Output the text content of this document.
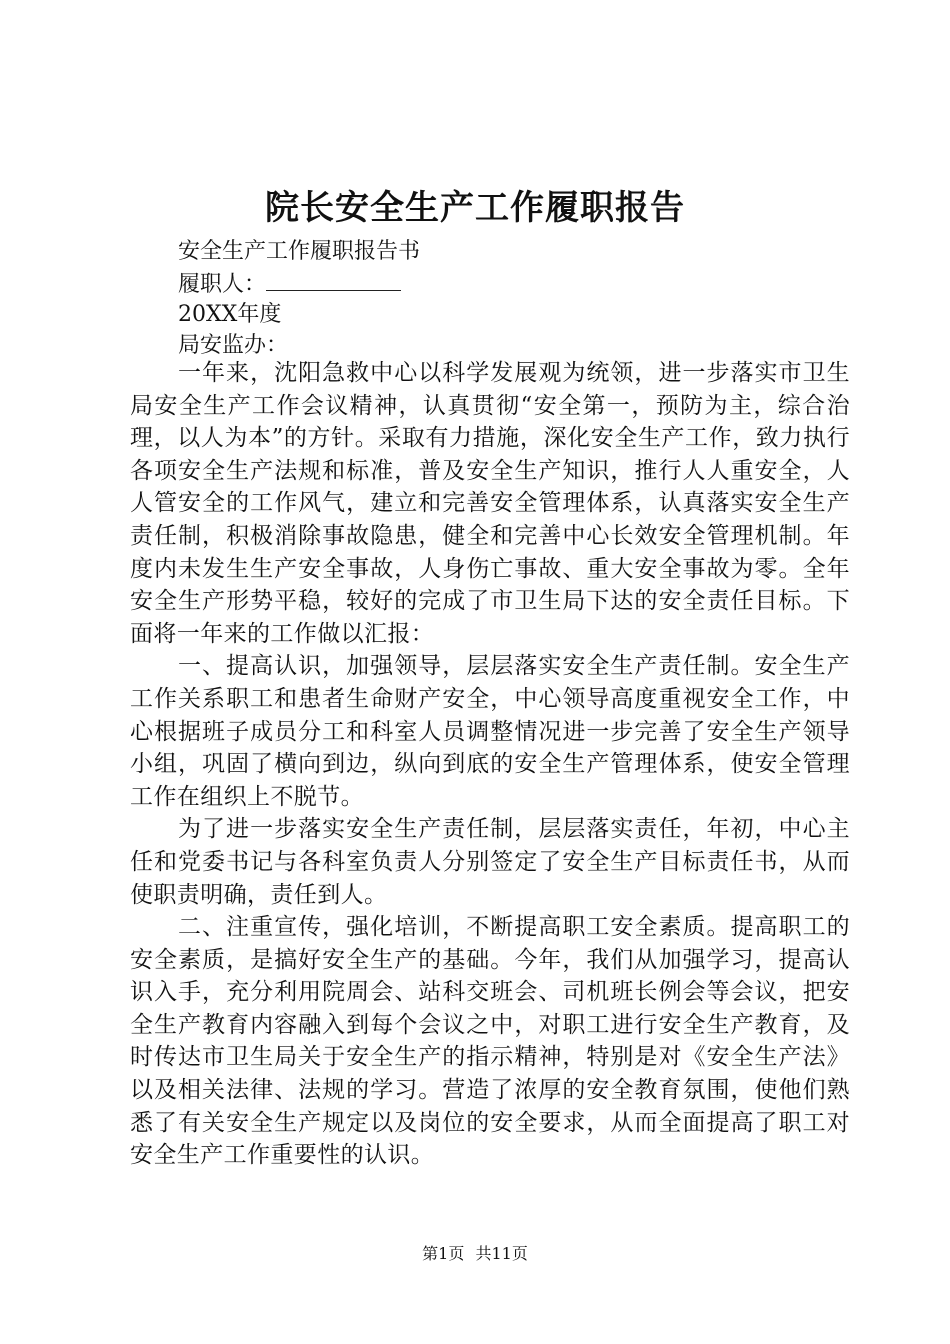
院长安全生产工作履职报告
安全生产工作履职报告书
履职人：
20XX年度
局安监办：

一年来，沈阳急救中心以科学发展观为统领，进一步落实市卫生局安全生产工作会议精神，认真贯彻“安全第一，预防为主，综合治理，以人为本”的方针。采取有力措施，深化安全生产工作，致力执行各项安全生产法规和标准，普及安全生产知识，推行人人重安全，人人管安全的工作风气，建立和完善安全管理体系，认真落实安全生产责任制，积极消除事故隐患，健全和完善中心长效安全管理机制。年度内未发生生产安全事故，人身伤亡事故、重大安全事故为零。全年安全生产形势平稳，较好的完成了市卫生局下达的安全责任目标。下面将一年来的工作做以汇报：

一、提高认识，加强领导，层层落实安全生产责任制。安全生产工作关系职工和患者生命财产安全，中心领导高度重视安全工作，中心根据班子成员分工和科室人员调整情况进一步完善了安全生产领导小组，巩固了横向到边，纵向到底的安全生产管理体系，使安全管理工作在组织上不脱节。

为了进一步落实安全生产责任制，层层落实责任，年初，中心主任和党委书记与各科室负责人分别签定了安全生产目标责任书，从而使职责明确，责任到人。

二、注重宣传，强化培训，不断提高职工安全素质。提高职工的安全素质，是搞好安全生产的基础。今年，我们从加强学习，提高认识入手，充分利用院周会、站科交班会、司机班长例会等会议，把安全生产教育内容融入到每个会议之中，对职工进行安全生产教育，及时传达市卫生局关于安全生产的指示精神，特别是对《安全生产法》以及相关法律、法规的学习。营造了浓厚的安全教育氛围，使他们熟悉了有关安全生产规定以及岗位的安全要求，从而全面提高了职工对安全生产工作重要性的认识。

第1页 共11页
